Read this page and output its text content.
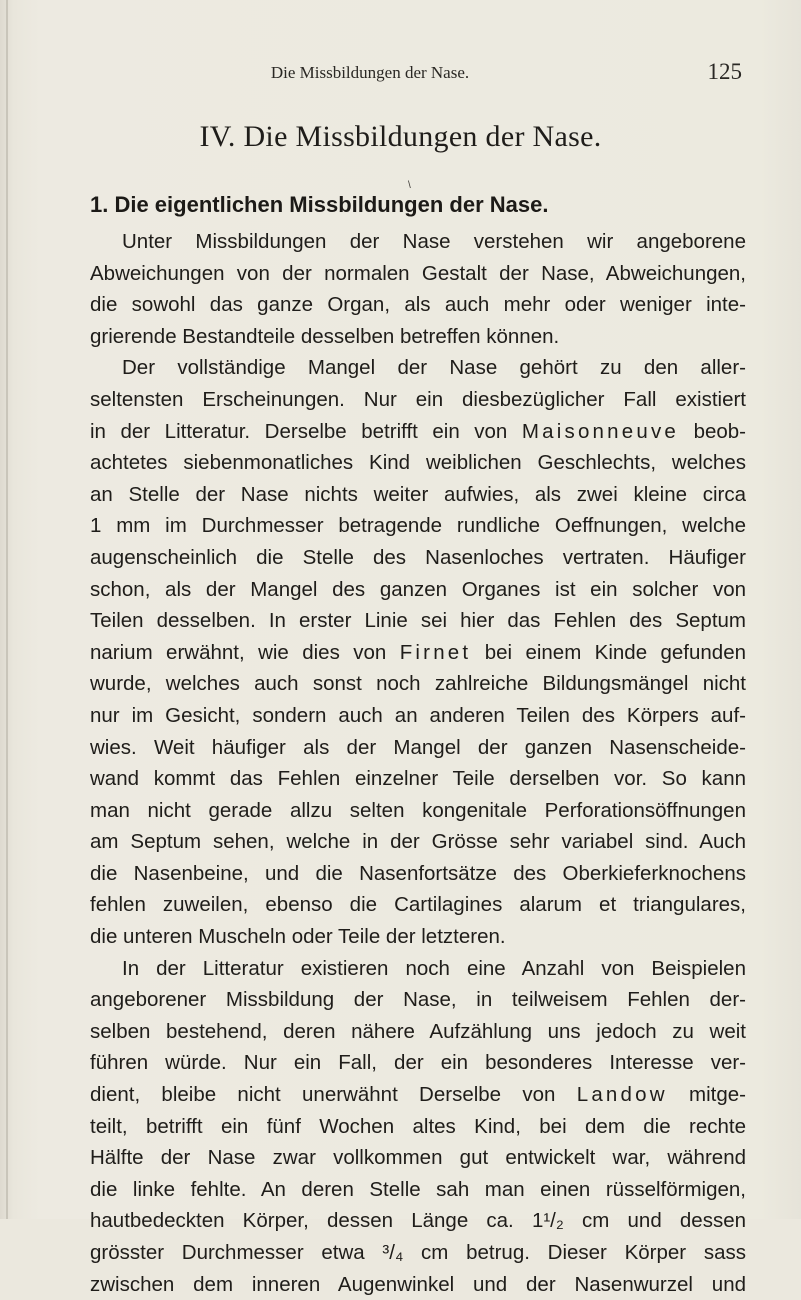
Die Missbildungen der Nase.	125
IV. Die Missbildungen der Nase.
\
1. Die eigentlichen Missbildungen der Nase.
Unter Missbildungen der Nase verstehen wir angeborene
Abweichungen von der normalen Gestalt der Nase, Abweichungen,
die sowohl das ganze Organ, als auch mehr oder weniger inte-
grierende Bestandteile desselben betreffen können.
Der vollständige Mangel der Nase gehört zu den aller-
seltensten Erscheinungen. Nur ein diesbezüglicher Fall existiert
in der Litteratur. Derselbe betrifft ein von Maisonneuve beob-
achtetes siebenmonatliches Kind weiblichen Geschlechts, welches
an Stelle der Nase nichts weiter aufwies, als zwei kleine circa
1 mm im Durchmesser betragende rundliche Oeffnungen, welche
augenscheinlich die Stelle des Nasenloches vertraten. Häufiger
schon, als der Mangel des ganzen Organes ist ein solcher von
Teilen desselben. In erster Linie sei hier das Fehlen des Septum
narium erwähnt, wie dies von Firnet bei einem Kinde gefunden
wurde, welches auch sonst noch zahlreiche Bildungsmängel nicht
nur im Gesicht, sondern auch an anderen Teilen des Körpers auf-
wies. Weit häufiger als der Mangel der ganzen Nasenscheide-
wand kommt das Fehlen einzelner Teile derselben vor. So kann
man nicht gerade allzu selten kongenitale Perforationsöffnungen
am Septum sehen, welche in der Grösse sehr variabel sind. Auch
die Nasenbeine, und die Nasenfortsätze des Oberkieferknochens
fehlen zuweilen, ebenso die Cartilagines alarum et triangulares,
die unteren Muscheln oder Teile der letzteren.
In der Litteratur existieren noch eine Anzahl von Beispielen
angeborener Missbildung der Nase, in teilweisem Fehlen der-
selben bestehend, deren nähere Aufzählung uns jedoch zu weit
führen würde. Nur ein Fall, der ein besonderes Interesse ver-
dient, bleibe nicht unerwähnt Derselbe von Landow mitge-
teilt, betrifft ein fünf Wochen altes Kind, bei dem die rechte
Hälfte der Nase zwar vollkommen gut entwickelt war, während
die linke fehlte. An deren Stelle sah man einen rüsselförmigen,
hautbedeckten Körper, dessen Länge ca. 1¹/₂ cm und dessen
grösster Durchmesser etwa ³/₄ cm betrug. Dieser Körper sass
zwischen dem inneren Augenwinkel und der Nasenwurzel und
